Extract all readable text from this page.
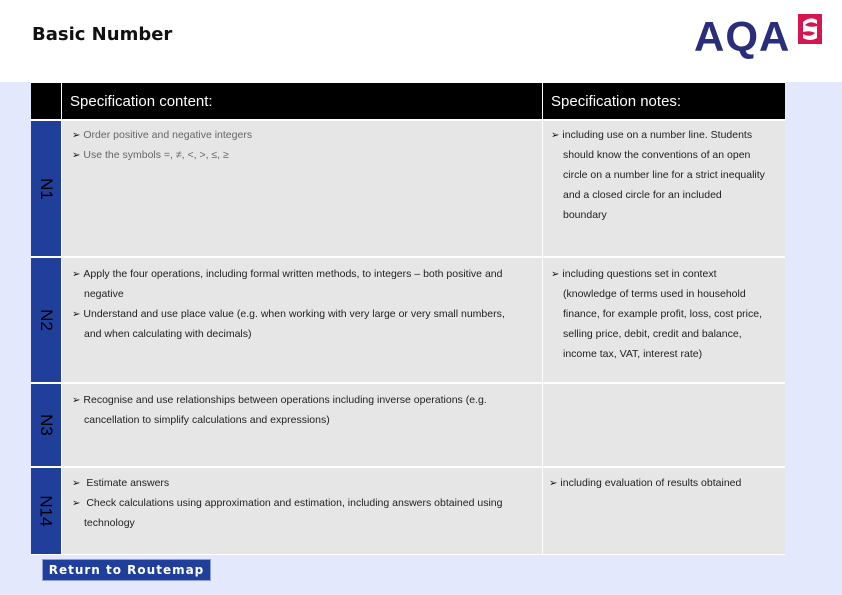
Basic Number	AQA
Specification content:	Specification notes:
N1
➢ Order positive and negative integers
➢ Use the symbols =, ≠, <, >, ≤, ≥
➢ including use on a number line. Students
should know the conventions of an open
circle on a number line for a strict inequality
and a closed circle for an included
boundary
N2
➢ Apply the four operations, including formal written methods, to integers – both positive and
negative
➢ Understand and use place value (e.g. when working with very large or very small numbers,
and when calculating with decimals)
➢ including questions set in context
(knowledge of terms used in household
finance, for example profit, loss, cost price,
selling price, debit, credit and balance,
income tax, VAT, interest rate)
N3
➢ Recognise and use relationships between operations including inverse operations (e.g.
cancellation to simplify calculations and expressions)
N14
➢ Estimate answers
➢ Check calculations using approximation and estimation, including answers obtained using
technology
➢ including evaluation of results obtained
Return to Routemap
